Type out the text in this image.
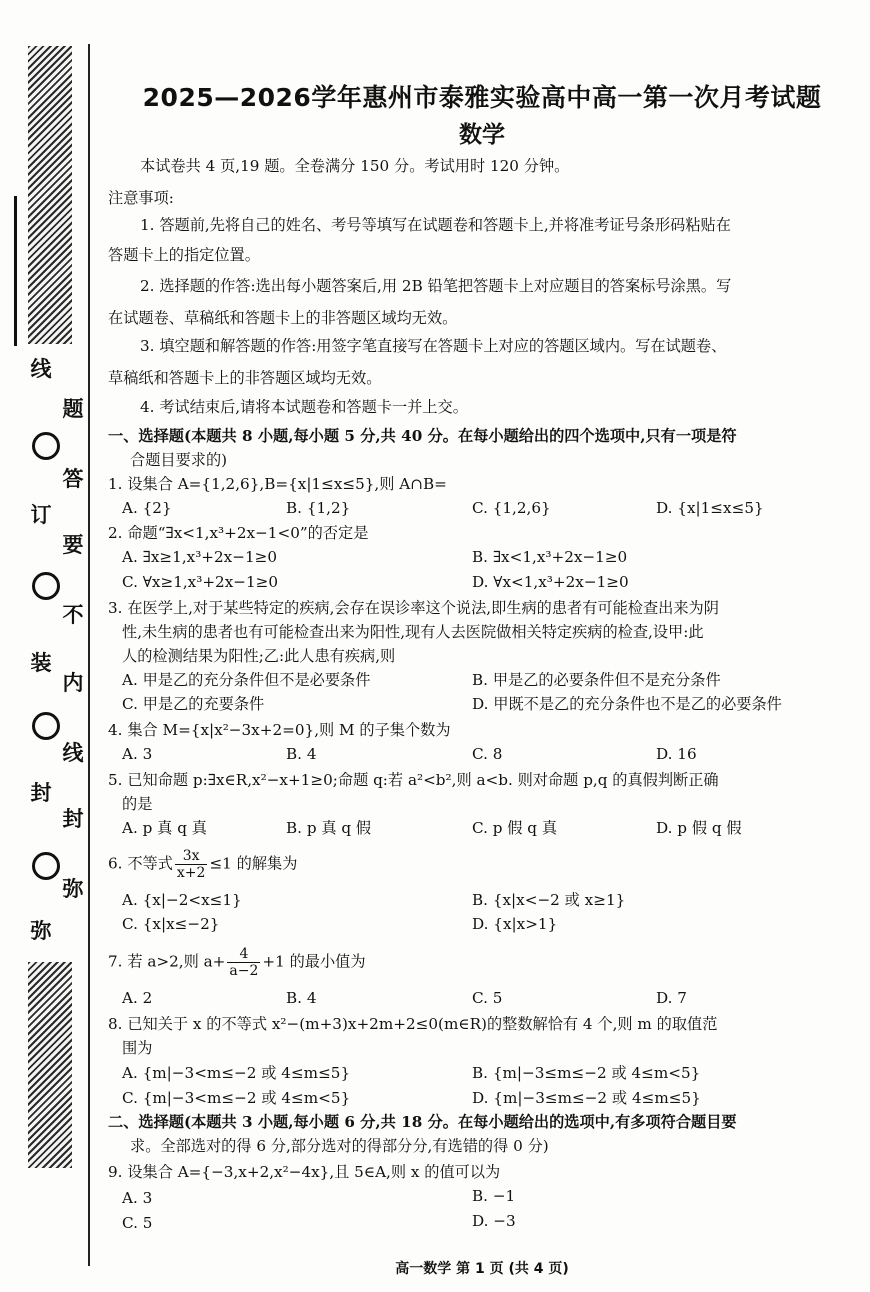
线
订
装
封
弥
题
答
要
不
内
线
封
弥
2025—2026学年惠州市泰雅实验高中高一第一次月考试题
数学
本试卷共 4 页,19 题。全卷满分 150 分。考试用时 120 分钟。
注意事项:
1. 答题前,先将自己的姓名、考号等填写在试题卷和答题卡上,并将准考证号条形码粘贴在
答题卡上的指定位置。
2. 选择题的作答:选出每小题答案后,用 2B 铅笔把答题卡上对应题目的答案标号涂黑。写
在试题卷、草稿纸和答题卡上的非答题区域均无效。
3. 填空题和解答题的作答:用签字笔直接写在答题卡上对应的答题区域内。写在试题卷、
草稿纸和答题卡上的非答题区域均无效。
4. 考试结束后,请将本试题卷和答题卡一并上交。
一、选择题(本题共 8 小题,每小题 5 分,共 40 分。在每小题给出的四个选项中,只有一项是符
合题目要求的)
1. 设集合 A={1,2,6},B={x|1≤x≤5},则 A∩B=
A. {2}	B. {1,2}	C. {1,2,6}	D. {x|1≤x≤5}
2. 命题“∃x<1,x³+2x−1<0”的否定是
A. ∃x≥1,x³+2x−1≥0	B. ∃x<1,x³+2x−1≥0
C. ∀x≥1,x³+2x−1≥0	D. ∀x<1,x³+2x−1≥0
3. 在医学上,对于某些特定的疾病,会存在误诊率这个说法,即生病的患者有可能检查出来为阴
性,未生病的患者也有可能检查出来为阳性,现有人去医院做相关特定疾病的检查,设甲:此
人的检测结果为阳性;乙:此人患有疾病,则
A. 甲是乙的充分条件但不是必要条件	B. 甲是乙的必要条件但不是充分条件
C. 甲是乙的充要条件	D. 甲既不是乙的充分条件也不是乙的必要条件
4. 集合 M={x|x²−3x+2=0},则 M 的子集个数为
A. 3	B. 4	C. 8	D. 16
5. 已知命题 p:∃x∈R,x²−x+1≥0;命题 q:若 a²<b²,则 a<b. 则对命题 p,q 的真假判断正确
的是
A. p 真 q 真	B. p 真 q 假	C. p 假 q 真	D. p 假 q 假
6. 不等式 $\frac{3x}{x+2} \le 1$ 的解集为
A. {x|−2<x≤1}	B. {x|x<−2 或 x≥1}
C. {x|x≤−2}	D. {x|x>1}
7. 若 a>2,则 $a+ \frac{4}{a-2} +1$ 的最小值为
A. 2	B. 4	C. 5	D. 7
8. 已知关于 x 的不等式 x²−(m+3)x+2m+2≤0(m∈R)的整数解恰有 4 个,则 m 的取值范
围为
A. {m|−3<m≤−2 或 4≤m≤5}	B. {m|−3≤m≤−2 或 4≤m<5}
C. {m|−3<m≤−2 或 4≤m<5}	D. {m|−3≤m≤−2 或 4≤m≤5}
二、选择题(本题共 3 小题,每小题 6 分,共 18 分。在每小题给出的选项中,有多项符合题目要
求。全部选对的得 6 分,部分选对的得部分分,有选错的得 0 分)
9. 设集合 A={−3,x+2,x²−4x},且 5∈A,则 x 的值可以为
A. 3	B. −1
C. 5	D. −3
高一数学 第 1 页 (共 4 页)
